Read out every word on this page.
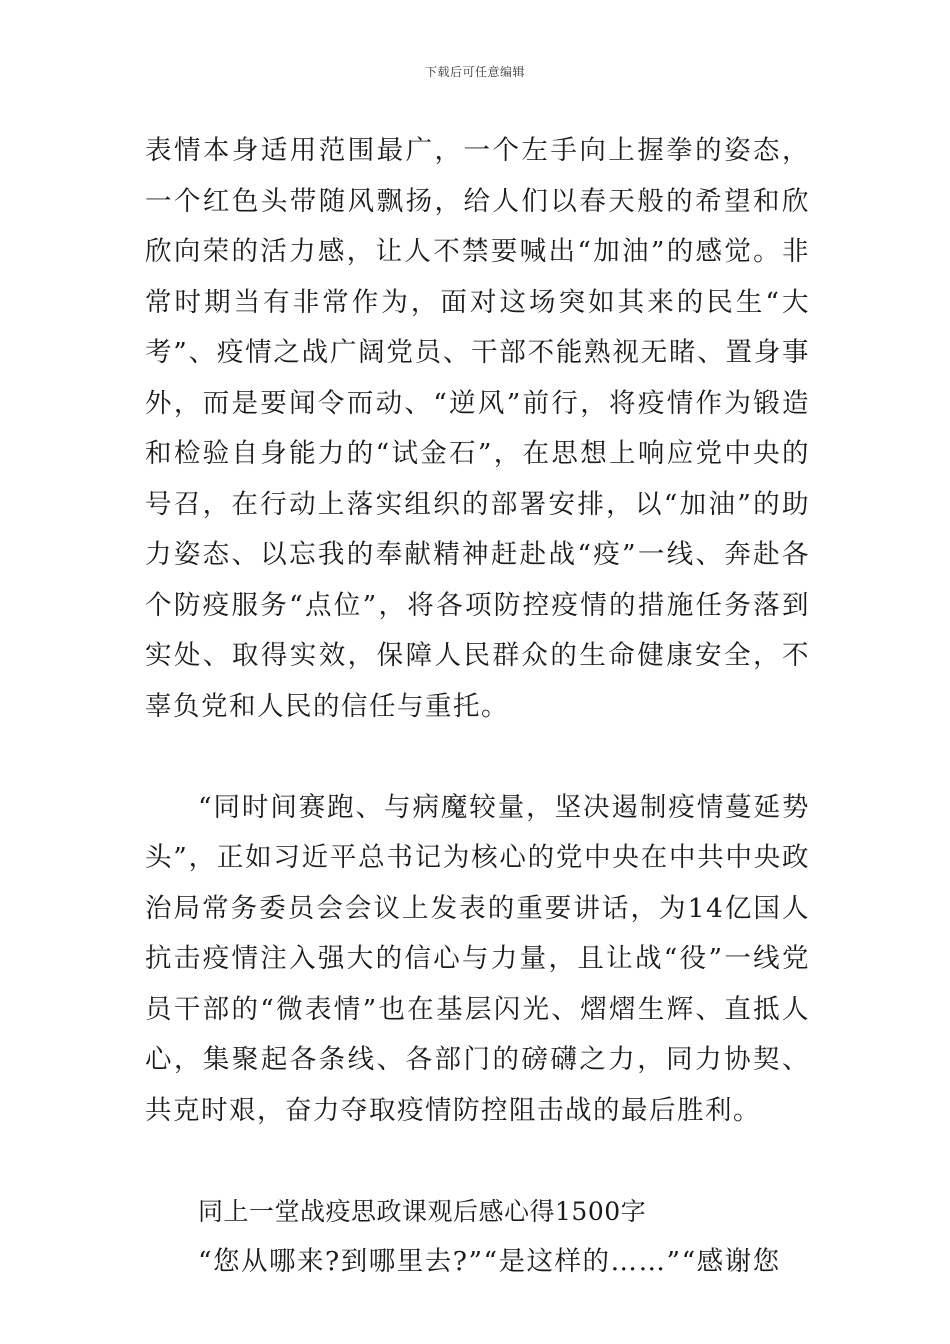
下载后可任意编辑

表情本身适用范围最广，一个左手向上握拳的姿态，一个红色头带随风飘扬，给人们以春天般的希望和欣欣向荣的活力感，让人不禁要喊出“加油”的感觉。非常时期当有非常作为，面对这场突如其来的民生“大考”、疫情之战广阔党员、干部不能熟视无睹、置身事外，而是要闻令而动、“逆风”前行，将疫情作为锻造和检验自身能力的“试金石”，在思想上响应党中央的号召，在行动上落实组织的部署安排，以“加油”的助力姿态、以忘我的奉献精神赶赴战“疫”一线、奔赴各个防疫服务“点位”，将各项防控疫情的措施任务落到实处、取得实效，保障人民群众的生命健康安全，不辜负党和人民的信任与重托。

“同时间赛跑、与病魔较量，坚决遏制疫情蔓延势头”，正如习近平总书记为核心的党中央在中共中央政治局常务委员会会议上发表的重要讲话，为14亿国人抗击疫情注入强大的信心与力量，且让战“役”一线党员干部的“微表情”也在基层闪光、熠熠生辉、直抵人心，集聚起各条线、各部门的磅礴之力，同力协契、共克时艰，奋力夺取疫情防控阻击战的最后胜利。

同上一堂战疫思政课观后感心得1500字

“您从哪来?到哪里去?”“是这样的……”“感谢您
